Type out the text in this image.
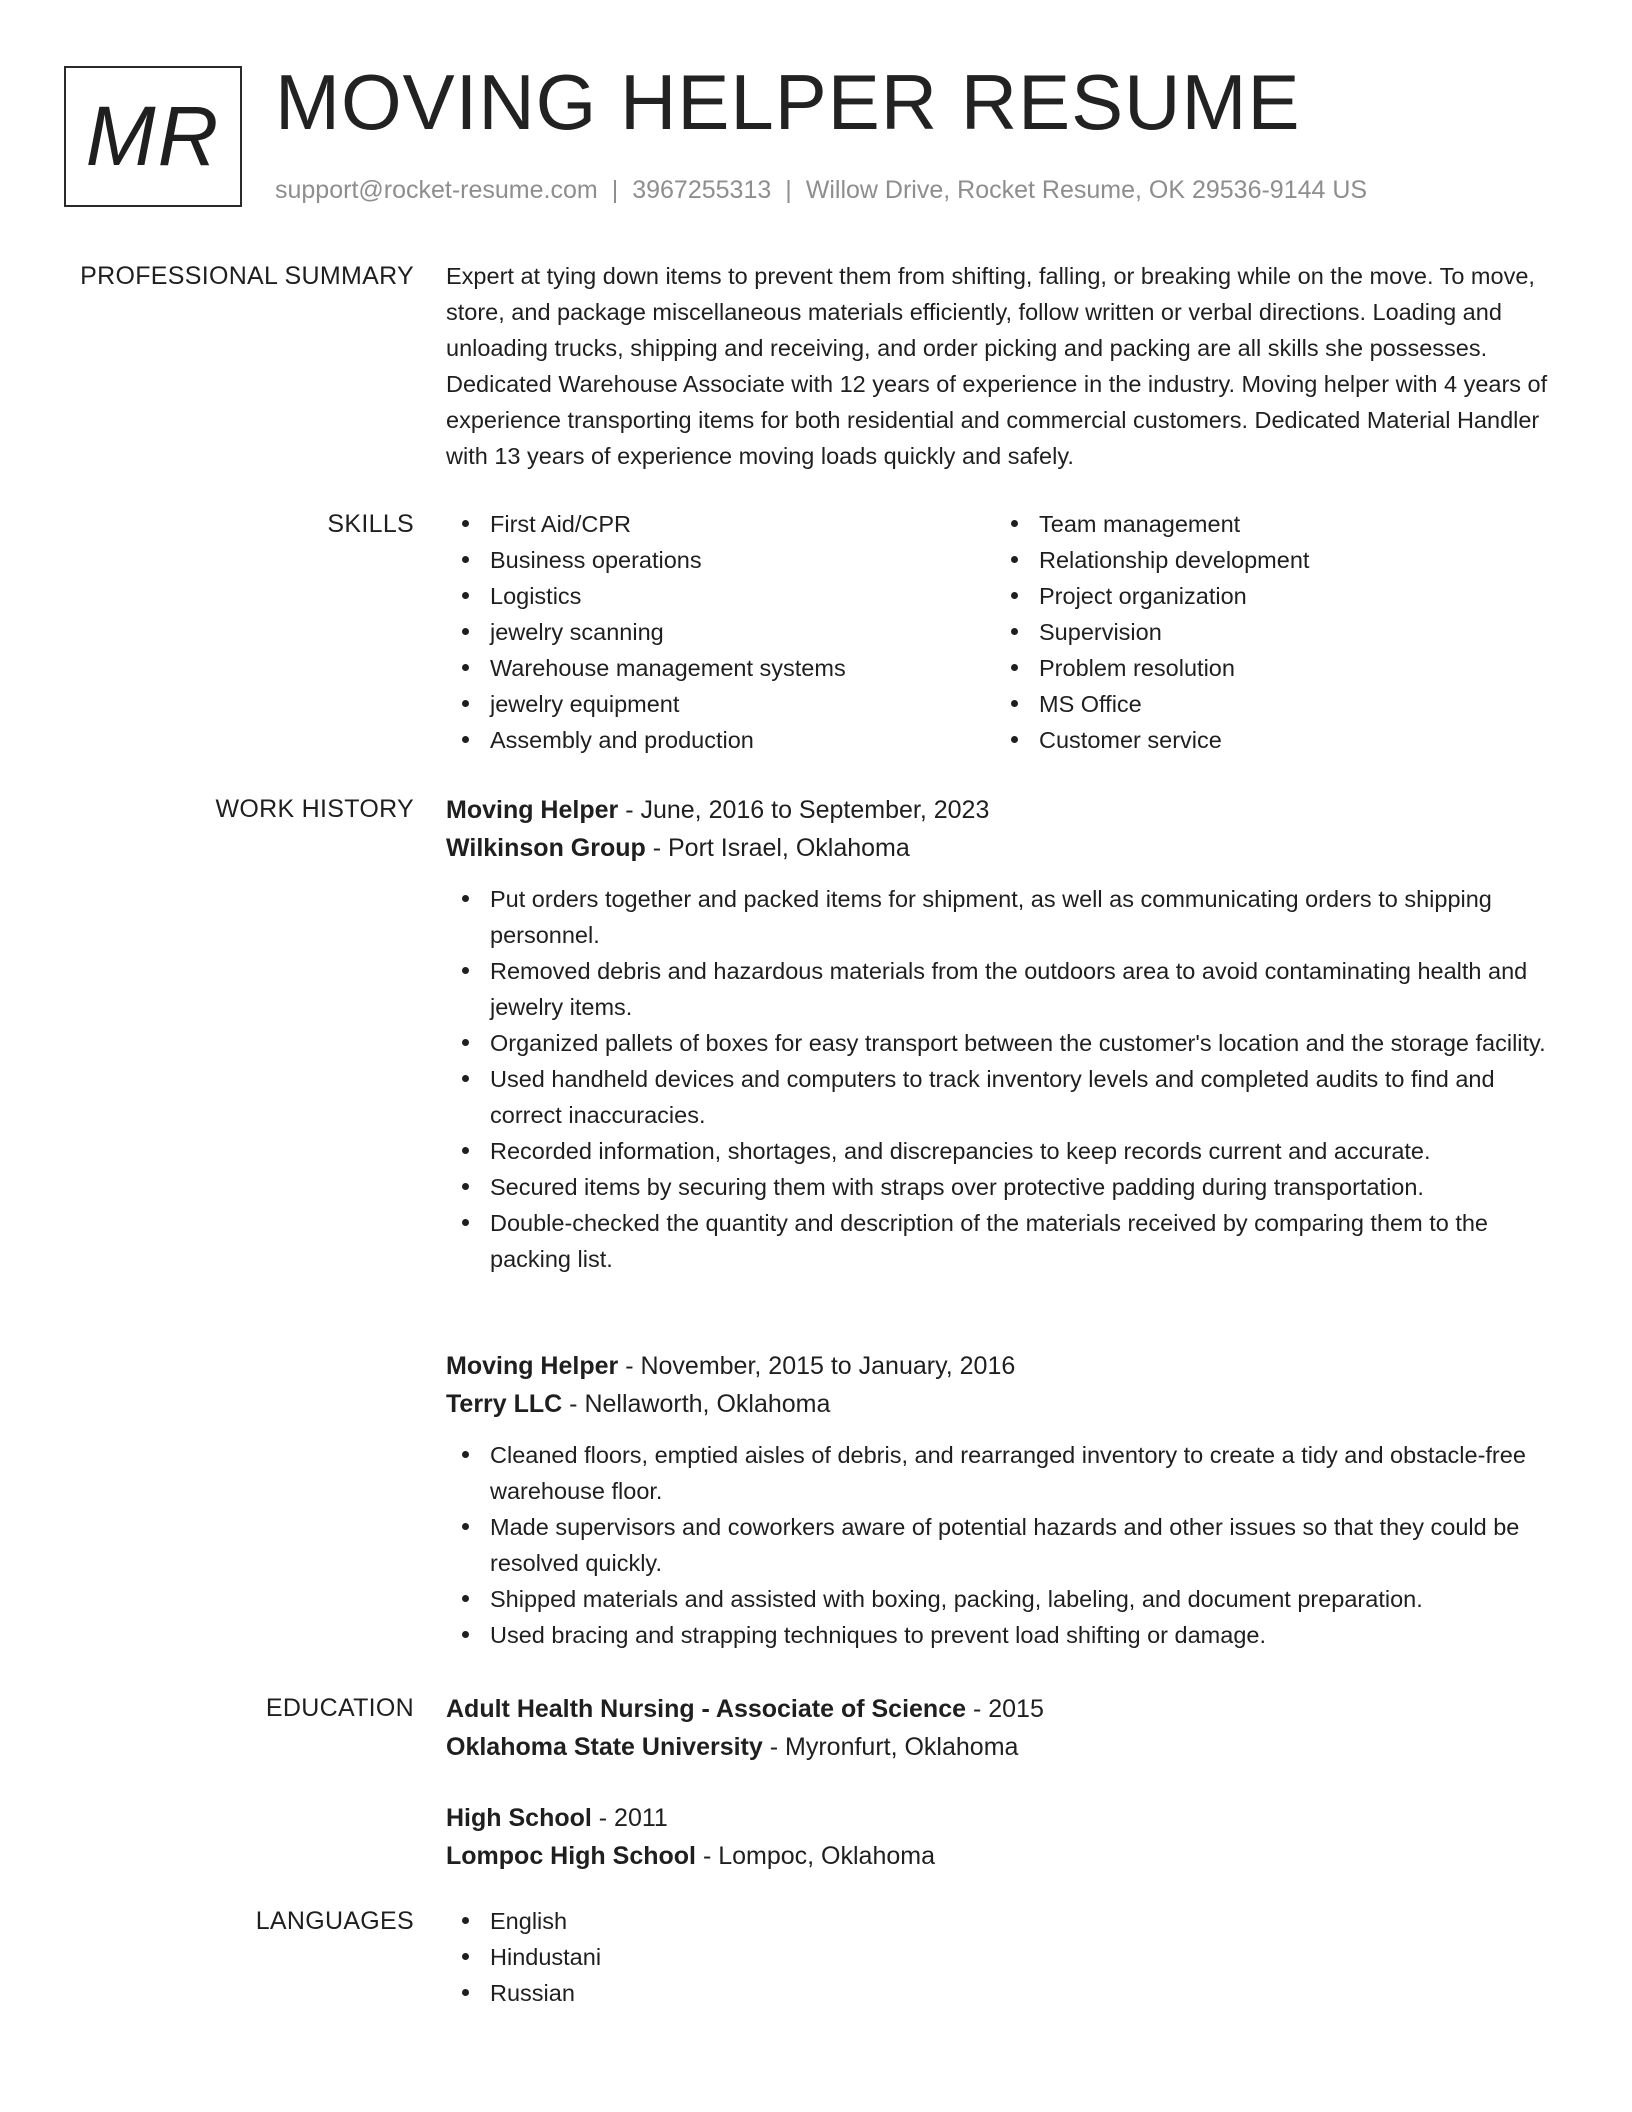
MR MOVING HELPER RESUME
support@rocket-resume.com | 3967255313 | Willow Drive, Rocket Resume, OK 29536-9144 US
PROFESSIONAL SUMMARY Expert at tying down items to prevent them from shifting, falling, or breaking while on the move. To move, store, and package miscellaneous materials efficiently, follow written or verbal directions. Loading and unloading trucks, shipping and receiving, and order picking and packing are all skills she possesses. Dedicated Warehouse Associate with 12 years of experience in the industry. Moving helper with 4 years of experience transporting items for both residential and commercial customers. Dedicated Material Handler with 13 years of experience moving loads quickly and safely.

SKILLS	First Aid/CPR
Business operations
Logistics
jewelry scanning
Warehouse management systems
jewelry equipment
Assembly and production
Team management
Relationship development
Project organization
Supervision
Problem resolution
MS Office
Customer service
WORK HISTORY Moving Helper - June, 2016 to September, 2023
Wilkinson Group - Port Israel, Oklahoma
Put orders together and packed items for shipment, as well as communicating orders to shipping personnel.
Removed debris and hazardous materials from the outdoors area to avoid contaminating health and jewelry items.
Organized pallets of boxes for easy transport between the customer's location and the storage facility.
Used handheld devices and computers to track inventory levels and completed audits to find and correct inaccuracies.
Recorded information, shortages, and discrepancies to keep records current and accurate.
Secured items by securing them with straps over protective padding during transportation.
Double-checked the quantity and description of the materials received by comparing them to the packing list.
Moving Helper - November, 2015 to January, 2016
Terry LLC - Nellaworth, Oklahoma
Cleaned floors, emptied aisles of debris, and rearranged inventory to create a tidy and obstacle-free warehouse floor.
Made supervisors and coworkers aware of potential hazards and other issues so that they could be resolved quickly.
Shipped materials and assisted with boxing, packing, labeling, and document preparation.
Used bracing and strapping techniques to prevent load shifting or damage.
EDUCATION Adult Health Nursing - Associate of Science - 2015
Oklahoma State University - Myronfurt, Oklahoma
High School - 2011
Lompoc High School - Lompoc, Oklahoma
LANGUAGES	English
Hindustani
Russian
